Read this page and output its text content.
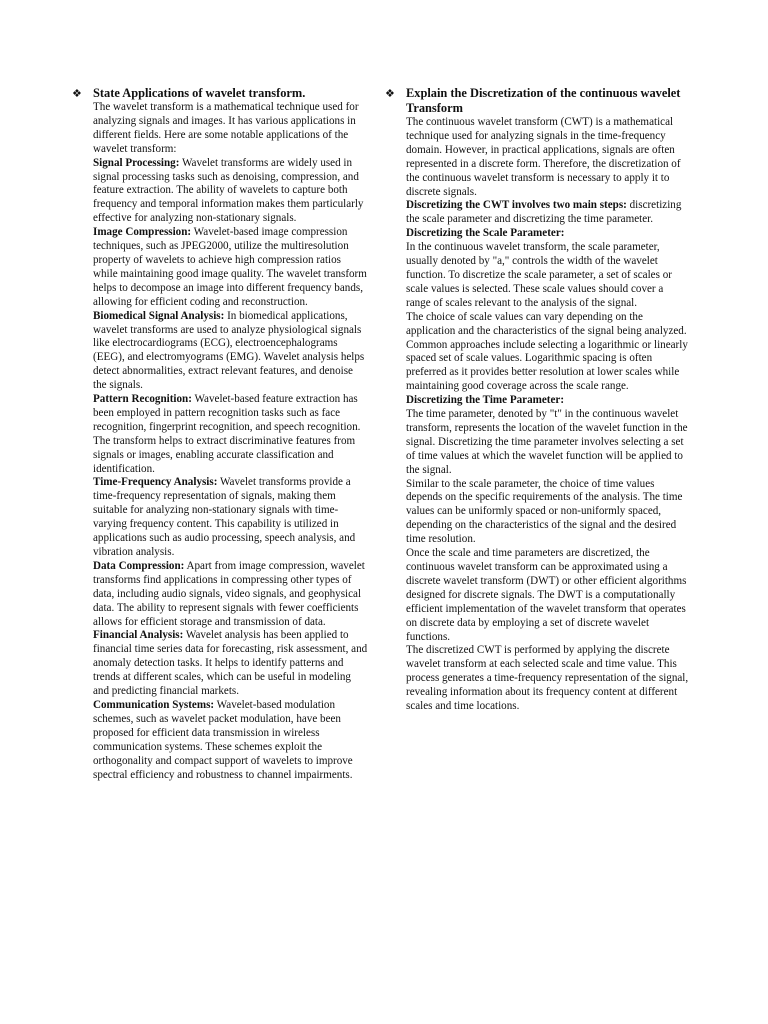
❖ State Applications of wavelet transform.

The wavelet transform is a mathematical technique used for analyzing signals and images. It has various applications in different fields. Here are some notable applications of the wavelet transform:

Signal Processing: Wavelet transforms are widely used in signal processing tasks such as denoising, compression, and feature extraction. The ability of wavelets to capture both frequency and temporal information makes them particularly effective for analyzing non-stationary signals.

Image Compression: Wavelet-based image compression techniques, such as JPEG2000, utilize the multiresolution property of wavelets to achieve high compression ratios while maintaining good image quality. The wavelet transform helps to decompose an image into different frequency bands, allowing for efficient coding and reconstruction.

Biomedical Signal Analysis: In biomedical applications, wavelet transforms are used to analyze physiological signals like electrocardiograms (ECG), electroencephalograms (EEG), and electromyograms (EMG). Wavelet analysis helps detect abnormalities, extract relevant features, and denoise the signals.

Pattern Recognition: Wavelet-based feature extraction has been employed in pattern recognition tasks such as face recognition, fingerprint recognition, and speech recognition. The transform helps to extract discriminative features from signals or images, enabling accurate classification and identification.

Time-Frequency Analysis: Wavelet transforms provide a time-frequency representation of signals, making them suitable for analyzing non-stationary signals with time-varying frequency content. This capability is utilized in applications such as audio processing, speech analysis, and vibration analysis.

Data Compression: Apart from image compression, wavelet transforms find applications in compressing other types of data, including audio signals, video signals, and geophysical data. The ability to represent signals with fewer coefficients allows for efficient storage and transmission of data.

Financial Analysis: Wavelet analysis has been applied to financial time series data for forecasting, risk assessment, and anomaly detection tasks. It helps to identify patterns and trends at different scales, which can be useful in modeling and predicting financial markets.

Communication Systems: Wavelet-based modulation schemes, such as wavelet packet modulation, have been proposed for efficient data transmission in wireless communication systems. These schemes exploit the orthogonality and compact support of wavelets to improve spectral efficiency and robustness to channel impairments.

❖ Explain the Discretization of the continuous wavelet Transform

The continuous wavelet transform (CWT) is a mathematical technique used for analyzing signals in the time-frequency domain. However, in practical applications, signals are often represented in a discrete form. Therefore, the discretization of the continuous wavelet transform is necessary to apply it to discrete signals.

Discretizing the CWT involves two main steps: discretizing the scale parameter and discretizing the time parameter.

Discretizing the Scale Parameter:

In the continuous wavelet transform, the scale parameter, usually denoted by "a," controls the width of the wavelet function. To discretize the scale parameter, a set of scales or scale values is selected. These scale values should cover a range of scales relevant to the analysis of the signal.

The choice of scale values can vary depending on the application and the characteristics of the signal being analyzed. Common approaches include selecting a logarithmic or linearly spaced set of scale values. Logarithmic spacing is often preferred as it provides better resolution at lower scales while maintaining good coverage across the scale range.

Discretizing the Time Parameter:

The time parameter, denoted by "t" in the continuous wavelet transform, represents the location of the wavelet function in the signal. Discretizing the time parameter involves selecting a set of time values at which the wavelet function will be applied to the signal.

Similar to the scale parameter, the choice of time values depends on the specific requirements of the analysis. The time values can be uniformly spaced or non-uniformly spaced, depending on the characteristics of the signal and the desired time resolution.

Once the scale and time parameters are discretized, the continuous wavelet transform can be approximated using a discrete wavelet transform (DWT) or other efficient algorithms designed for discrete signals. The DWT is a computationally efficient implementation of the wavelet transform that operates on discrete data by employing a set of discrete wavelet functions.

The discretized CWT is performed by applying the discrete wavelet transform at each selected scale and time value. This process generates a time-frequency representation of the signal, revealing information about its frequency content at different scales and time locations.
